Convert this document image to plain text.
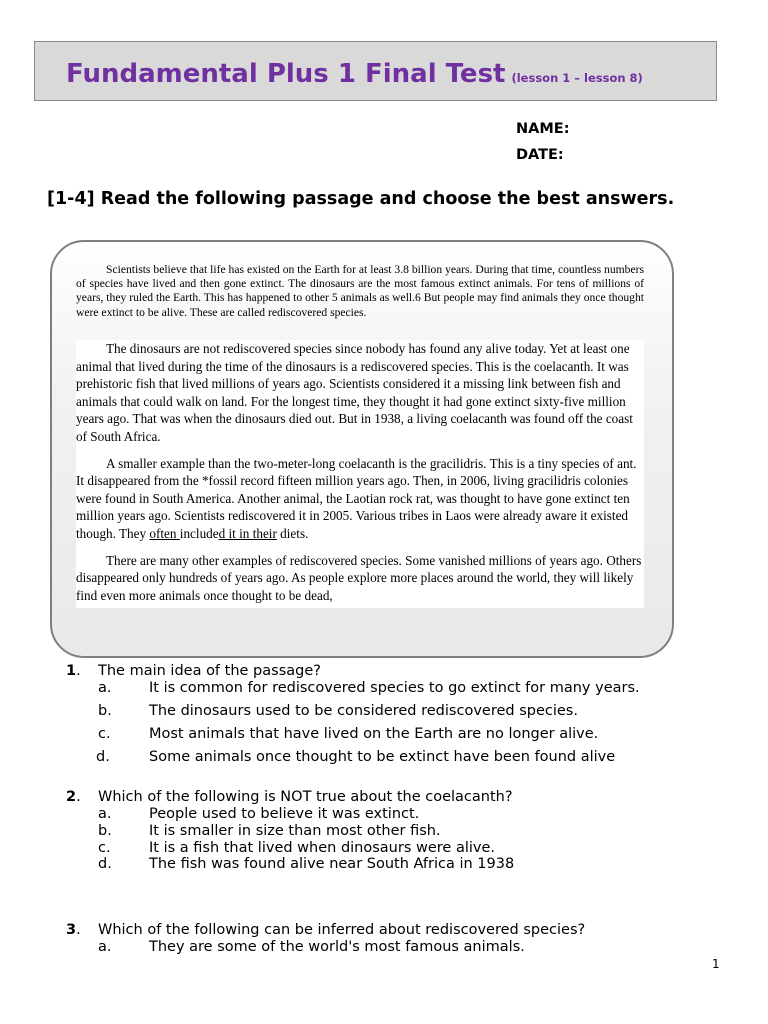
Fundamental Plus 1 Final Test (lesson 1 – lesson 8)
NAME:
DATE:
[1-4] Read the following passage and choose the best answers.

Scientists believe that life has existed on the Earth for at least 3.8 billion years. During that time, countless numbers of species have lived and then gone extinct. The dinosaurs are the most famous extinct animals. For tens of millions of years, they ruled the Earth. This has happened to other 5 animals as well.6 But people may find animals they once thought were extinct to be alive. These are called rediscovered species.

The dinosaurs are not rediscovered species since nobody has found any alive today. Yet at least one animal that lived during the time of the dinosaurs is a rediscovered species. This is the coelacanth. It was prehistoric fish that lived millions of years ago. Scientists considered it a missing link between fish and animals that could walk on land. For the longest time, they thought it had gone extinct sixty-five million years ago. That was when the dinosaurs died out. But in 1938, a living coelacanth was found off the coast of South Africa.

A smaller example than the two-meter-long coelacanth is the gracilidris. This is a tiny species of ant. It disappeared from the *fossil record fifteen million years ago. Then, in 2006, living gracilidris colonies were found in South America. Another animal, the Laotian rock rat, was thought to have gone extinct ten million years ago. Scientists rediscovered it in 2005. Various tribes in Laos were already aware it existed though. They often included it in their diets.

There are many other examples of rediscovered species. Some vanished millions of years ago. Others disappeared only hundreds of years ago. As people explore more places around the world, they will likely find even more animals once thought to be dead,

1. The main idea of the passage?
a.	It is common for rediscovered species to go extinct for many years.
b.	The dinosaurs used to be considered rediscovered species.
c.	Most animals that have lived on the Earth are no longer alive.
d.	Some animals once thought to be extinct have been found alive
2. Which of the following is NOT true about the coelacanth?
a.	People used to believe it was extinct.
b.	It is smaller in size than most other fish.
c.	It is a fish that lived when dinosaurs were alive.
d.	The fish was found alive near South Africa in 1938
3. Which of the following can be inferred about rediscovered species?
a.	They are some of the world's most famous animals.
1
